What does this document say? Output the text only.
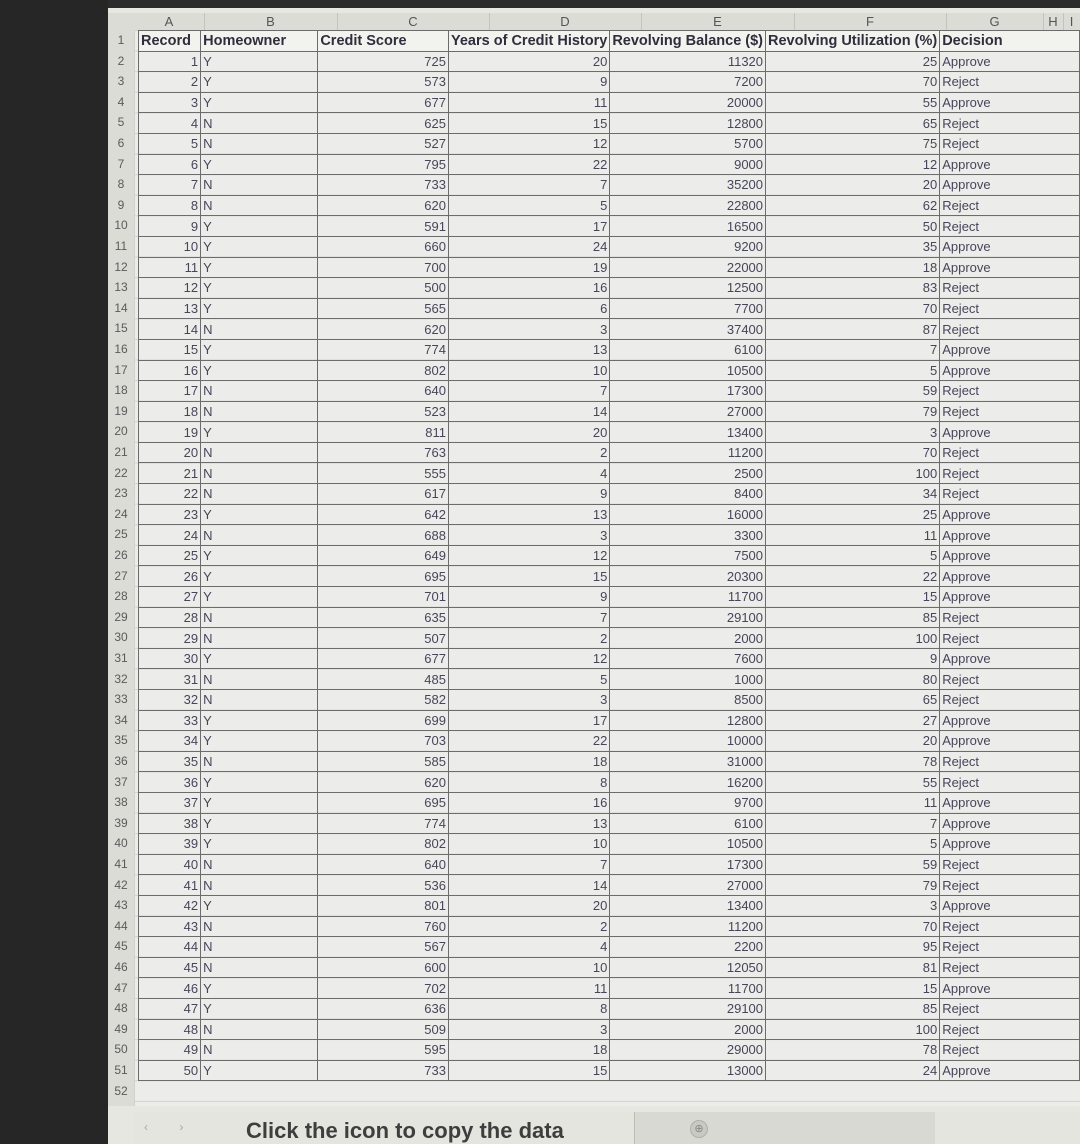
A	B	C	D	E	F	G	H I
1
2
3
4
5
6
7
8
9
10
11
12
13
14
15
16
17
18
19
20
21
22
23
24
25
26
27
28
29
30
31
32
33
34
35
36
37
38
39
40
41
42
43
44
45
46
47
48
49
50
51
52
Record	Homeowner	Credit Score	Years of Credit History	Revolving Balance ($)	Revolving Utilization (%)	Decision
1	Y	725	20	11320	25	Approve
2	Y	573	9	7200	70	Reject
3	Y	677	11	20000	55	Approve
4	N	625	15	12800	65	Reject
5	N	527	12	5700	75	Reject
6	Y	795	22	9000	12	Approve
7	N	733	7	35200	20	Approve
8	N	620	5	22800	62	Reject
9	Y	591	17	16500	50	Reject
10	Y	660	24	9200	35	Approve
11	Y	700	19	22000	18	Approve
12	Y	500	16	12500	83	Reject
13	Y	565	6	7700	70	Reject
14	N	620	3	37400	87	Reject
15	Y	774	13	6100	7	Approve
16	Y	802	10	10500	5	Approve
17	N	640	7	17300	59	Reject
18	N	523	14	27000	79	Reject
19	Y	811	20	13400	3	Approve
20	N	763	2	11200	70	Reject
21	N	555	4	2500	100	Reject
22	N	617	9	8400	34	Reject
23	Y	642	13	16000	25	Approve
24	N	688	3	3300	11	Approve
25	Y	649	12	7500	5	Approve
26	Y	695	15	20300	22	Approve
27	Y	701	9	11700	15	Approve
28	N	635	7	29100	85	Reject
29	N	507	2	2000	100	Reject
30	Y	677	12	7600	9	Approve
31	N	485	5	1000	80	Reject
32	N	582	3	8500	65	Reject
33	Y	699	17	12800	27	Approve
34	Y	703	22	10000	20	Approve
35	N	585	18	31000	78	Reject
36	Y	620	8	16200	55	Reject
37	Y	695	16	9700	11	Approve
38	Y	774	13	6100	7	Approve
39	Y	802	10	10500	5	Approve
40	N	640	7	17300	59	Reject
41	N	536	14	27000	79	Reject
42	Y	801	20	13400	3	Approve
43	N	760	2	11200	70	Reject
44	N	567	4	2200	95	Reject
45	N	600	10	12050	81	Reject
46	Y	702	11	11700	15	Approve
47	Y	636	8	29100	85	Reject
48	N	509	3	2000	100	Reject
49	N	595	18	29000	78	Reject
50	Y	733	15	13000	24	Approve
‹ › Click the icon to copy the data	⊕
